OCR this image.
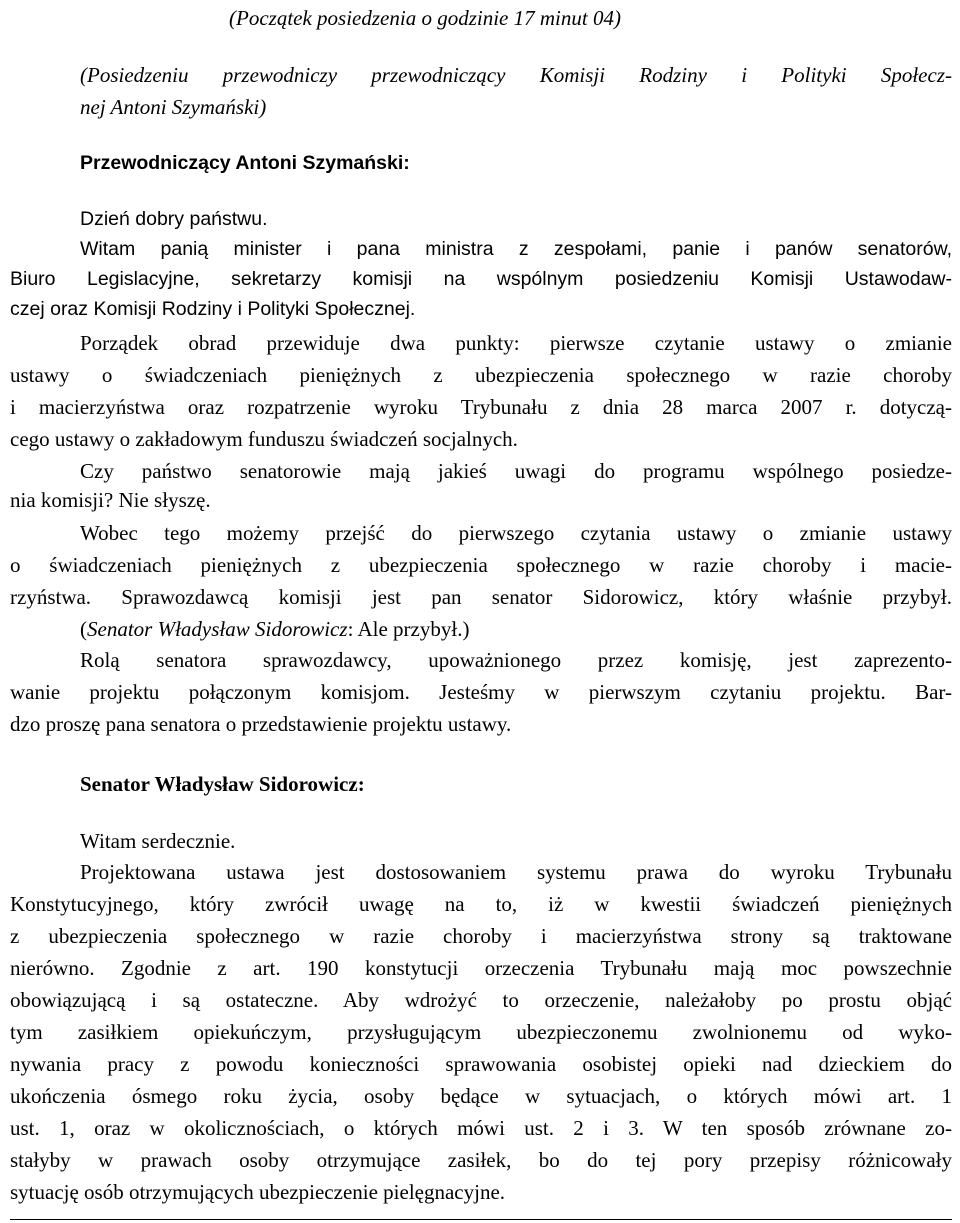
(Początek posiedzenia o godzinie 17 minut 04)
(Posiedzeniu przewodniczy przewodniczący Komisji Rodziny i Polityki Społecz-
nej Antoni Szymański)
Przewodniczący Antoni Szymański:
Dzień dobry państwu.
Witam panią minister i pana ministra z zespołami, panie i panów senatorów,
Biuro Legislacyjne, sekretarzy komisji na wspólnym posiedzeniu Komisji Ustawodaw-
czej oraz Komisji Rodziny i Polityki Społecznej.
Porządek obrad przewiduje dwa punkty: pierwsze czytanie ustawy o zmianie
ustawy o świadczeniach pieniężnych z ubezpieczenia społecznego w razie choroby
i macierzyństwa oraz rozpatrzenie wyroku Trybunału z dnia 28 marca 2007 r. dotyczą-
cego ustawy o zakładowym funduszu świadczeń socjalnych.
Czy państwo senatorowie mają jakieś uwagi do programu wspólnego posiedze-
nia komisji? Nie słyszę.
Wobec tego możemy przejść do pierwszego czytania ustawy o zmianie ustawy
o świadczeniach pieniężnych z ubezpieczenia społecznego w razie choroby i macie-
rzyństwa. Sprawozdawcą komisji jest pan senator Sidorowicz, który właśnie przybył.
(Senator Władysław Sidorowicz: Ale przybył.)
Rolą senatora sprawozdawcy, upoważnionego przez komisję, jest zaprezento-
wanie projektu połączonym komisjom. Jesteśmy w pierwszym czytaniu projektu. Bar-
dzo proszę pana senatora o przedstawienie projektu ustawy.
Senator Władysław Sidorowicz:
Witam serdecznie.
Projektowana ustawa jest dostosowaniem systemu prawa do wyroku Trybunału
Konstytucyjnego, który zwrócił uwagę na to, iż w kwestii świadczeń pieniężnych
z ubezpieczenia społecznego w razie choroby i macierzyństwa strony są traktowane
nierówno. Zgodnie z art. 190 konstytucji orzeczenia Trybunału mają moc powszechnie
obowiązującą i są ostateczne. Aby wdrożyć to orzeczenie, należałoby po prostu objąć
tym zasiłkiem opiekuńczym, przysługującym ubezpieczonemu zwolnionemu od wyko-
nywania pracy z powodu konieczności sprawowania osobistej opieki nad dzieckiem do
ukończenia ósmego roku życia, osoby będące w sytuacjach, o których mówi art. 1
ust. 1, oraz w okolicznościach, o których mówi ust. 2 i 3. W ten sposób zrównane zo-
stałyby w prawach osoby otrzymujące zasiłek, bo do tej pory przepisy różnicowały
sytuację osób otrzymujących ubezpieczenie pielęgnacyjne.
